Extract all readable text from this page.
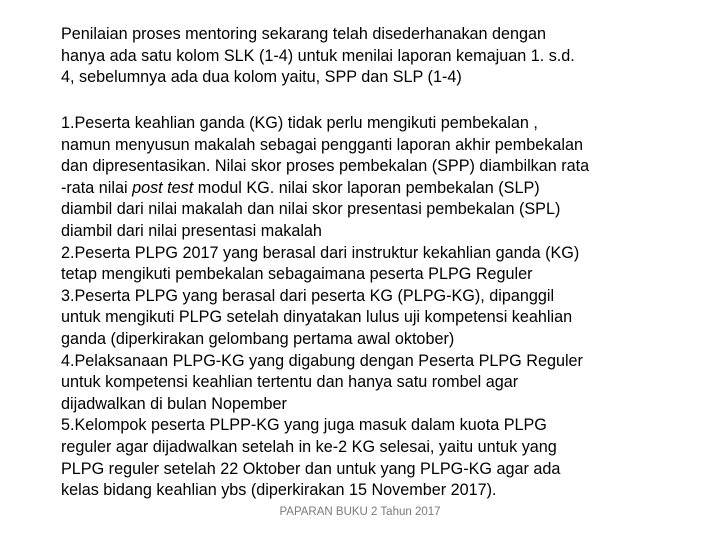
Penilaian proses mentoring sekarang telah disederhanakan dengan
hanya ada satu kolom SLK (1-4) untuk menilai laporan kemajuan 1. s.d.
4, sebelumnya ada dua kolom yaitu, SPP dan SLP (1-4)
1.Peserta keahlian ganda (KG) tidak perlu mengikuti pembekalan ,
namun menyusun makalah sebagai pengganti laporan akhir pembekalan
dan dipresentasikan. Nilai skor proses pembekalan (SPP) diambilkan rata
-rata nilai post test modul KG. nilai skor laporan pembekalan (SLP)
diambil dari nilai makalah dan nilai skor presentasi pembekalan (SPL)
diambil dari nilai presentasi makalah
2.Peserta PLPG 2017 yang berasal dari instruktur kekahlian ganda (KG)
tetap mengikuti pembekalan sebagaimana peserta PLPG Reguler
3.Peserta PLPG yang berasal dari peserta KG (PLPG-KG), dipanggil
untuk mengikuti PLPG setelah dinyatakan lulus uji kompetensi keahlian
ganda (diperkirakan gelombang pertama awal oktober)
4.Pelaksanaan PLPG-KG yang digabung dengan Peserta PLPG Reguler
untuk kompetensi keahlian tertentu dan hanya satu rombel agar
dijadwalkan di bulan Nopember
5.Kelompok peserta PLPP-KG yang juga masuk dalam kuota PLPG
reguler agar dijadwalkan setelah in ke-2 KG selesai, yaitu untuk yang
PLPG reguler setelah 22 Oktober dan untuk yang PLPG-KG agar ada
kelas bidang keahlian ybs (diperkirakan 15 November 2017).
PAPARAN BUKU 2 Tahun 2017
